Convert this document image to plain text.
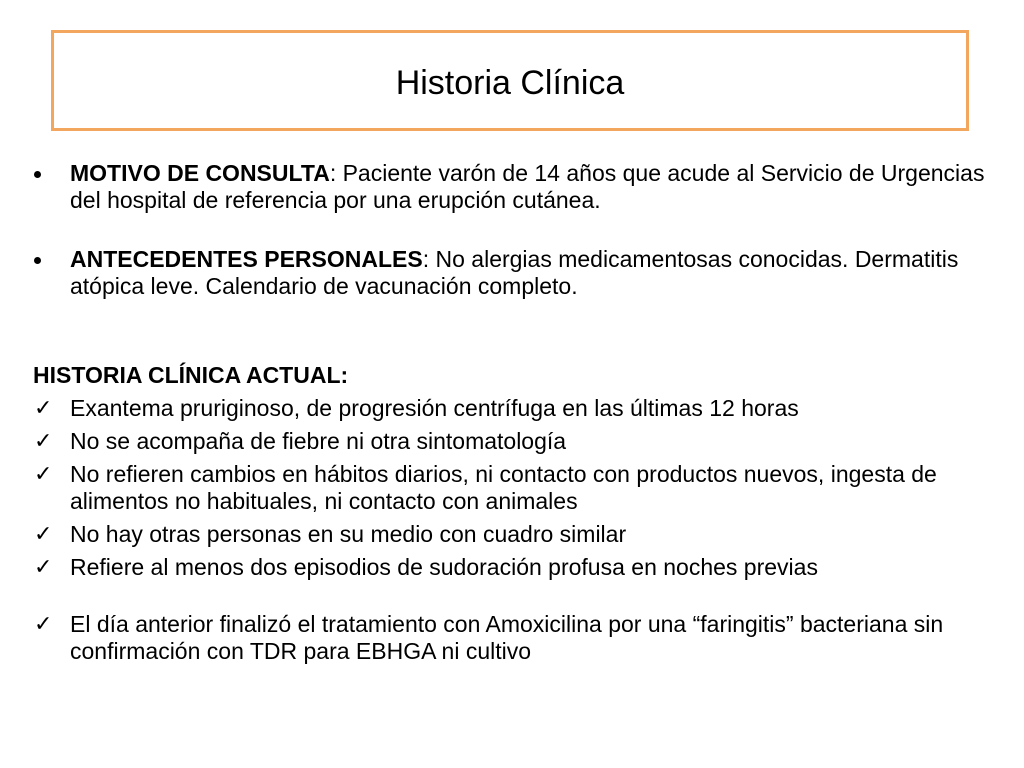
Historia Clínica
MOTIVO DE CONSULTA: Paciente varón de 14 años que acude al Servicio de Urgencias del hospital de referencia por una erupción cutánea.
ANTECEDENTES PERSONALES: No alergias medicamentosas conocidas. Dermatitis atópica leve. Calendario de vacunación completo.
HISTORIA CLÍNICA ACTUAL:
✓ Exantema pruriginoso, de progresión centrífuga en las últimas 12 horas
✓ No se acompaña de fiebre ni otra sintomatología
✓ No refieren cambios en hábitos diarios, ni contacto con productos nuevos, ingesta de alimentos no habituales, ni contacto con animales
✓ No hay otras personas en su medio con cuadro similar
✓ Refiere al menos dos episodios de sudoración profusa en noches previas
✓ El día anterior finalizó el tratamiento con Amoxicilina por una “faringitis” bacteriana sin confirmación con TDR para EBHGA ni cultivo
